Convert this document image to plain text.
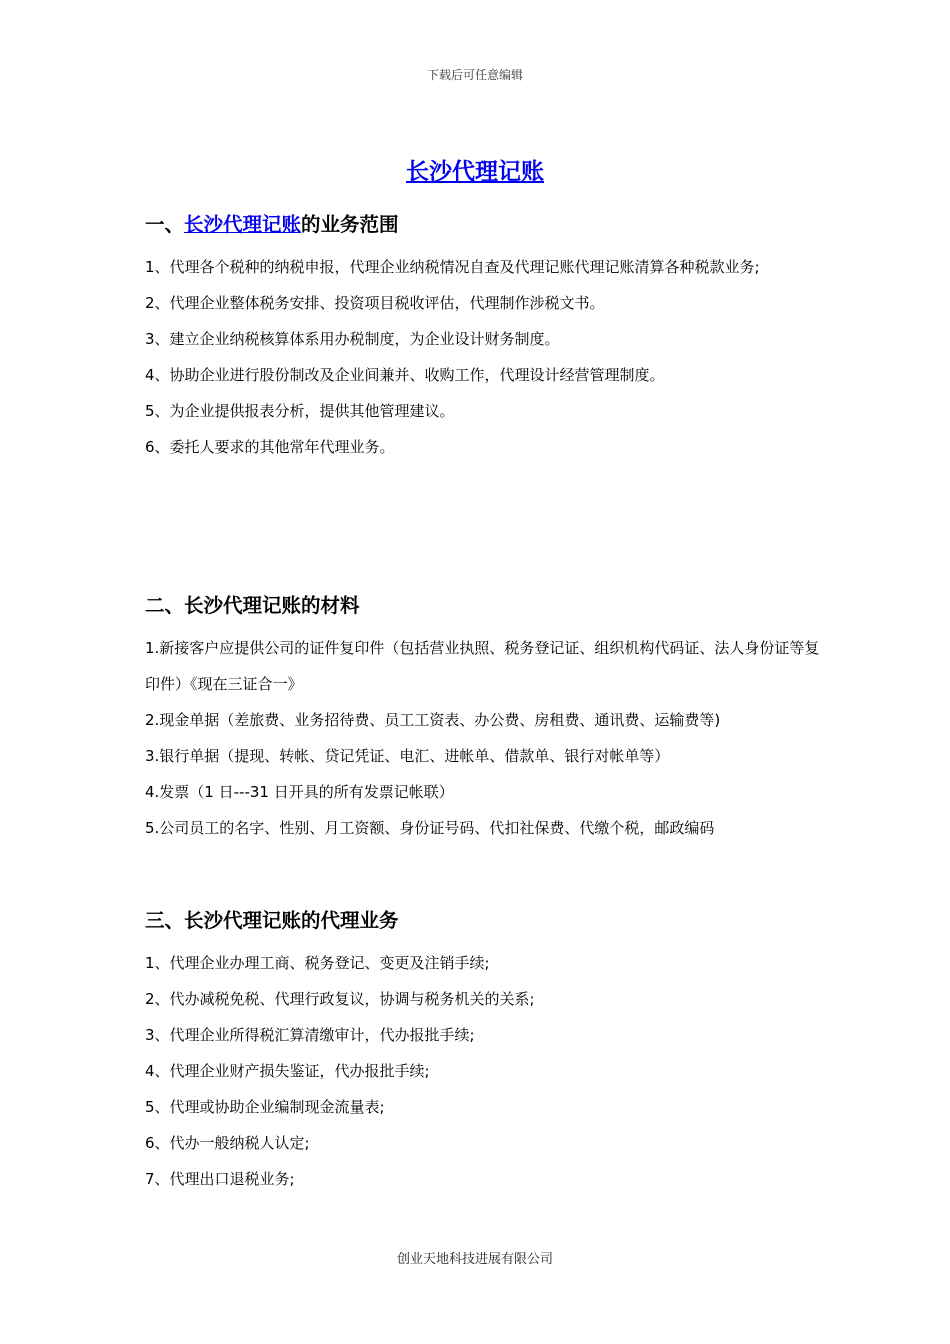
下载后可任意编辑
长沙代理记账

一、长沙代理记账的业务范围

1、代理各个税种的纳税申报，代理企业纳税情况自查及代理记账代理记账清算各种税款业务;

2、代理企业整体税务安排、投资项目税收评估，代理制作涉税文书。

3、建立企业纳税核算体系用办税制度，为企业设计财务制度。

4、协助企业进行股份制改及企业间兼并、收购工作，代理设计经营管理制度。

5、为企业提供报表分析，提供其他管理建议。

6、委托人要求的其他常年代理业务。

二、长沙代理记账的材料

1.新接客户应提供公司的证件复印件（包括营业执照、税务登记证、组织机构代码证、法人身份证等复印件）《现在三证合一》

2.现金单据（差旅费、业务招待费、员工工资表、办公费、房租费、通讯费、运输费等)

3.银行单据（提现、转帐、贷记凭证、电汇、进帐单、借款单、银行对帐单等）

4.发票（1 日---31 日开具的所有发票记帐联）

5.公司员工的名字、性别、月工资额、身份证号码、代扣社保费、代缴个税，邮政编码

三、长沙代理记账的代理业务

1、代理企业办理工商、税务登记、变更及注销手续;

2、代办减税免税、代理行政复议，协调与税务机关的关系;

3、代理企业所得税汇算清缴审计，代办报批手续;

4、代理企业财产损失鉴证，代办报批手续;

5、代理或协助企业编制现金流量表;

6、代办一般纳税人认定;

7、代理出口退税业务;

创业天地科技进展有限公司
